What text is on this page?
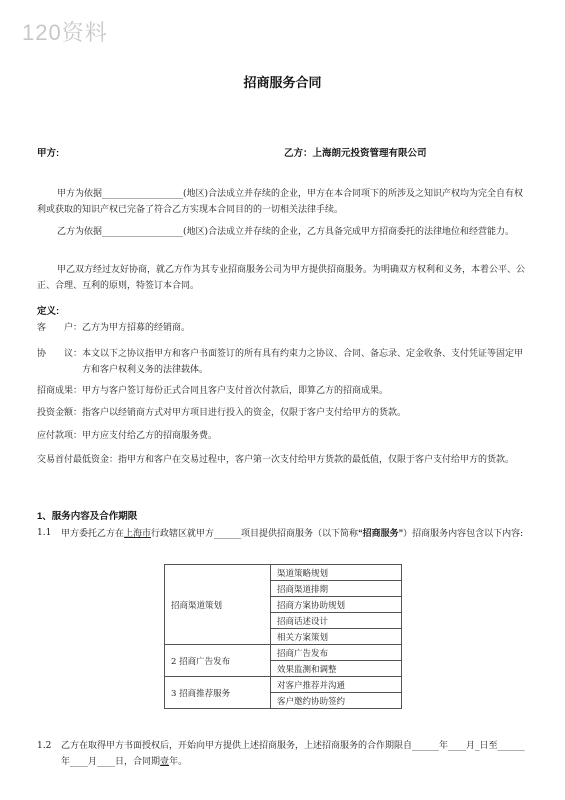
120资料
招商服务合同
甲方:	乙方：上海朗元投资管理有限公司

甲方为依据__________________(地区)合法成立并存续的企业，甲方在本合同项下的所涉及之知识产权均为完全自有权利或获取的知识产权已完备了符合乙方实现本合同目的的一切相关法律手续。

乙方为依据__________________(地区)合法成立并存续的企业，乙方具备完成甲方招商委托的法律地位和经营能力。

甲乙双方经过友好协商，就乙方作为其专业招商服务公司为甲方提供招商服务。为明确双方权利和义务，本着公平、公正、合理、互利的原则，特签订本合同。

定义:
客　　户： 乙方为甲方招募的经销商。
协　　议： 本文以下之协议指甲方和客户书面签订的所有具有约束力之协议、合同、备忘录、定金收条、支付凭证等固定甲方和客户权利义务的法律载体。
招商成果： 甲方与客户签订每份正式合同且客户支付首次付款后，即算乙方的招商成果。
投资金额： 指客户以经销商方式对甲方项目进行投入的资金，仅限于客户支付给甲方的货款。
应付款项： 甲方应支付给乙方的招商服务费。
交易首付最低资金： 指甲方和客户在交易过程中，客户第一次支付给甲方货款的最低值，仅限于客户支付给甲方的货款。
1、服务内容及合作期限
1.1	甲方委托乙方在上海市行政辖区就甲方______项目提供招商服务（以下简称“招商服务”）招商服务内容包含以下内容:
招商渠道策划	渠道策略规划
	招商渠道排期
	招商方案协助规划
	招商话述设计
	相关方案策划
2 招商广告发布	招商广告发布
	效果监测和调整
3 招商推荐服务	对客户推荐并沟通
	客户邀约协助签约
1.2	乙方在取得甲方书面授权后，开始向甲方提供上述招商服务，上述招商服务的合作期限自______年____月_日至______年____月____日，合同期壹年。
